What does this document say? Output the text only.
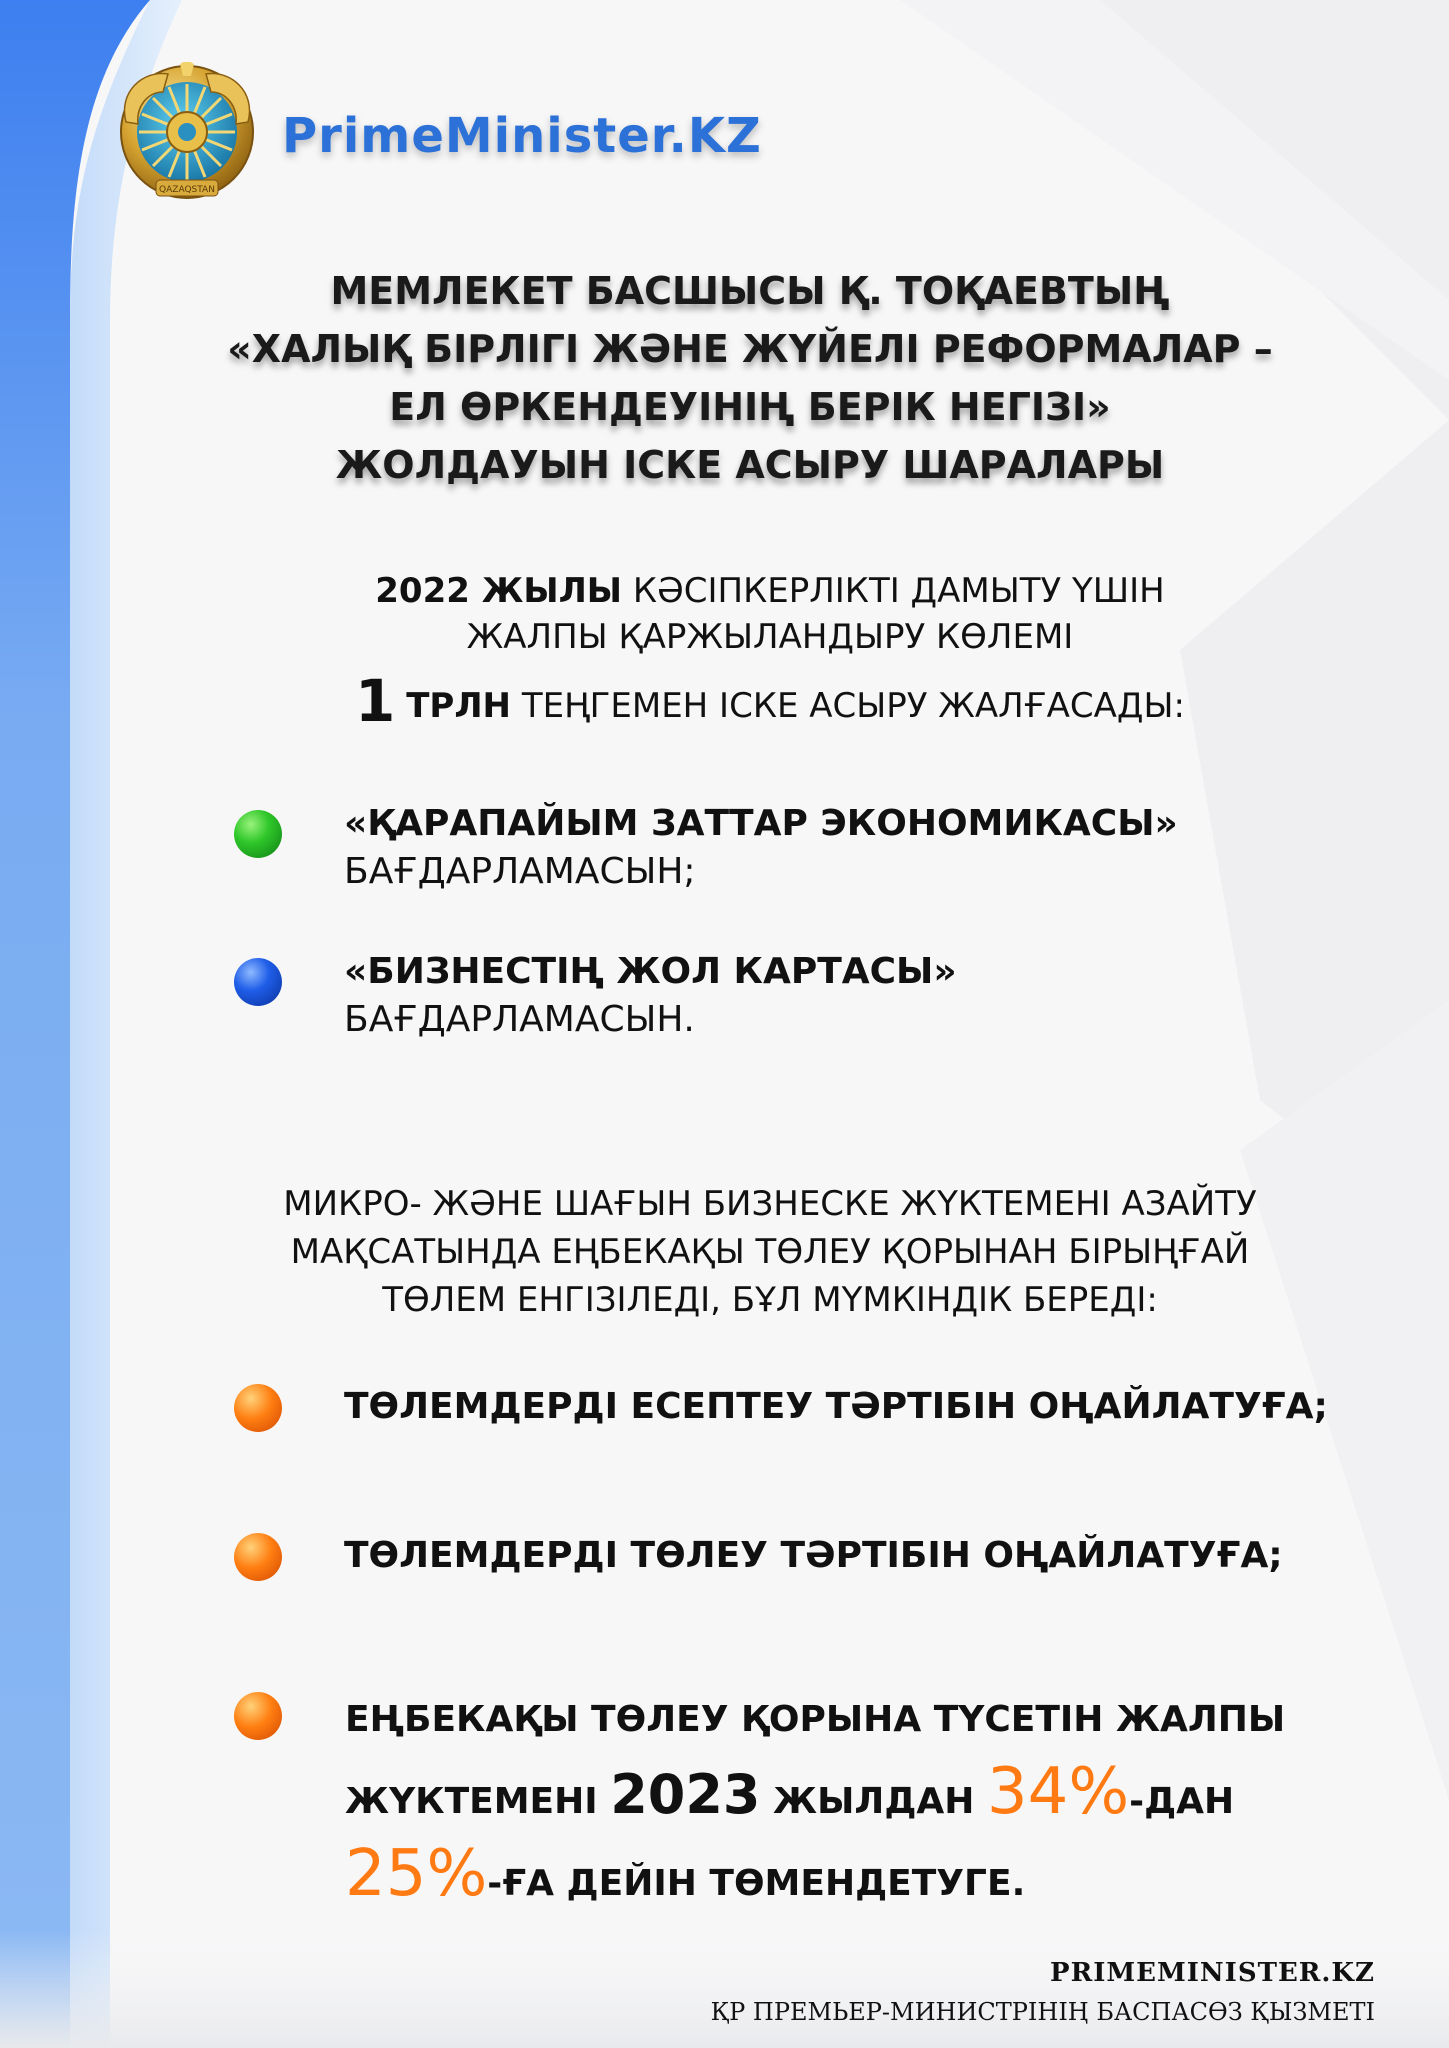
QAZAQSTAN
PrimeMinister.KZ
МЕМЛЕКЕТ БАСШЫСЫ Қ. ТОҚАЕВТЫҢ
«ХАЛЫҚ БІРЛІГІ ЖӘНЕ ЖҮЙЕЛІ РЕФОРМАЛАР –
ЕЛ ӨРКЕНДЕУІНІҢ БЕРІК НЕГІЗІ»
ЖОЛДАУЫН ІСКЕ АСЫРУ ШАРАЛАРЫ
2022 ЖЫЛЫ КӘСІПКЕРЛІКТІ ДАМЫТУ ҮШІН
ЖАЛПЫ ҚАРЖЫЛАНДЫРУ КӨЛЕМІ
1 ТРЛН ТЕҢГЕМЕН ІСКЕ АСЫРУ ЖАЛҒАСАДЫ:
«ҚАРАПАЙЫМ ЗАТТАР ЭКОНОМИКАСЫ»
БАҒДАРЛАМАСЫН;
«БИЗНЕСТІҢ ЖОЛ КАРТАСЫ»
БАҒДАРЛАМАСЫН.
МИКРО- ЖӘНЕ ШАҒЫН БИЗНЕСКЕ ЖҮКТЕМЕНІ АЗАЙТУ
МАҚСАТЫНДА ЕҢБЕКАҚЫ ТӨЛЕУ ҚОРЫНАН БІРЫҢҒАЙ
ТӨЛЕМ ЕНГІЗІЛЕДІ, БҰЛ МҮМКІНДІК БЕРЕДІ:
ТӨЛЕМДЕРДІ ЕСЕПТЕУ ТӘРТІБІН ОҢАЙЛАТУҒА;
ТӨЛЕМДЕРДІ ТӨЛЕУ ТӘРТІБІН ОҢАЙЛАТУҒА;
ЕҢБЕКАҚЫ ТӨЛЕУ ҚОРЫНА ТҮСЕТІН ЖАЛПЫ
ЖҮКТЕМЕНІ 2023 ЖЫЛДАН 34%-ДАН
25%-ҒА ДЕЙІН ТӨМЕНДЕТУГЕ.
PRIMEMINISTER.KZ
ҚР ПРЕМЬЕР-МИНИСТРІНІҢ БАСПАСӨЗ ҚЫЗМЕТІ
